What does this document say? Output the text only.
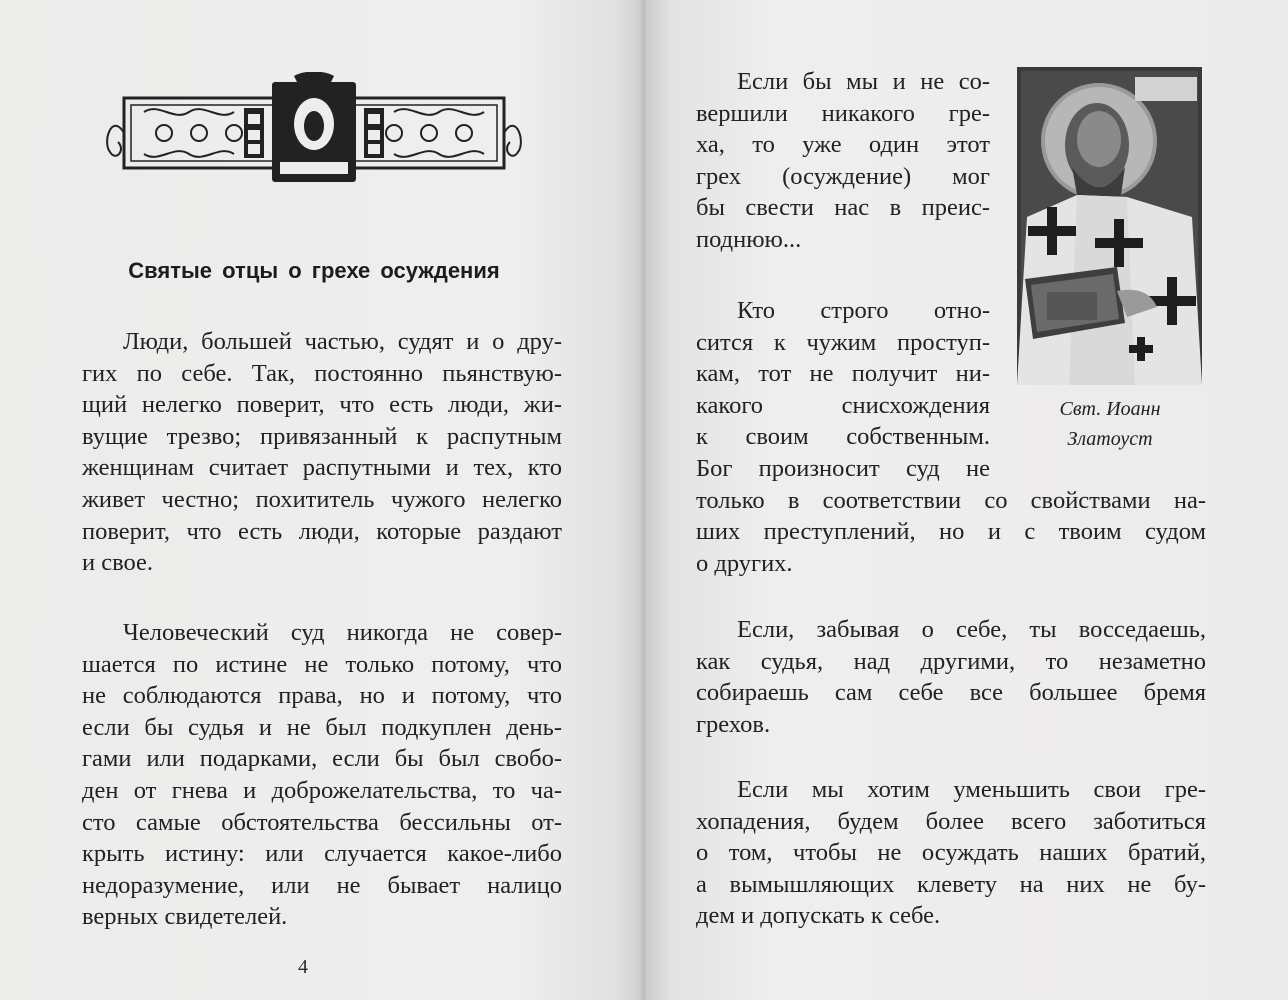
Святые отцы о грехе осуждения

Люди, большей частью, судят и о дру-
гих по себе. Так, постоянно пьянствую-
щий нелегко поверит, что есть люди, жи-
вущие трезво; привязанный к распутным
женщинам считает распутными и тех, кто
живет честно; похититель чужого нелегко
поверит, что есть люди, которые раздают
и свое.

Человеческий суд никогда не совер-
шается по истине не только потому, что
не соблюдаются права, но и потому, что
если бы судья и не был подкуплен день-
гами или подарками, если бы был свобо-
ден от гнева и доброжелательства, то ча-
сто самые обстоятельства бессильны от-
крыть истину: или случается какое-либо
недоразумение, или не бывает налицо
верных свидетелей.

4

Если бы мы и не со-
вершили никакого гре-
ха, то уже один этот
грех (осуждение) мог
бы свести нас в преис-
поднюю...

Кто строго отно-
сится к чужим проступ-
кам, тот не получит ни-
какого снисхождения
к своим собственным.
Бог произносит суд не
только в соответствии со свойствами на-
ших преступлений, но и с твоим судом
о других.

Если, забывая о себе, ты восседаешь,
как судья, над другими, то незаметно
собираешь сам себе все большее бремя
грехов.

Если мы хотим уменьшить свои гре-
хопадения, будем более всего заботиться
о том, чтобы не осуждать наших братий,
а вымышляющих клевету на них не бу-
дем и допускать к себе.

Свт. Иоанн
Златоуст
